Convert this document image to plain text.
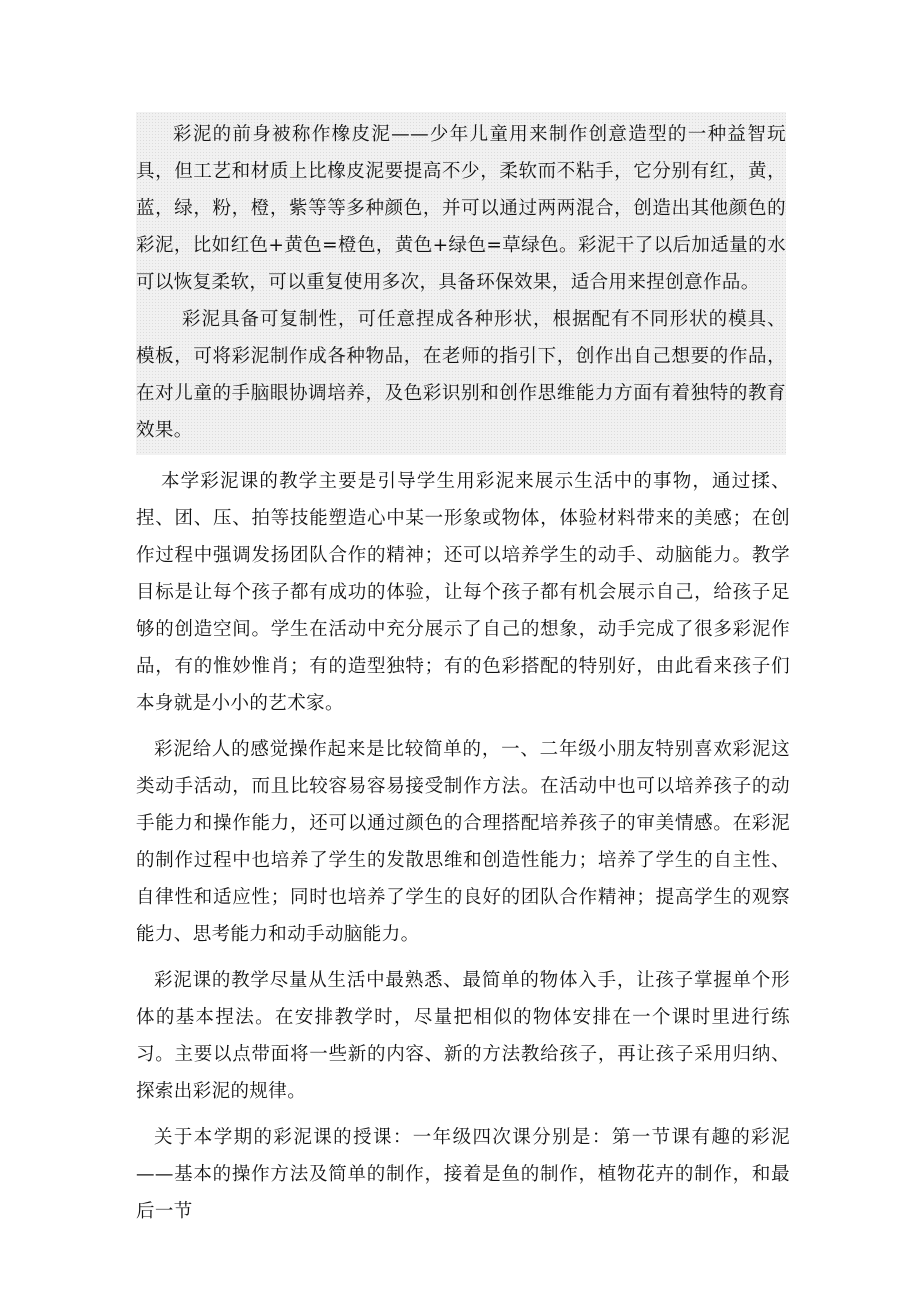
彩泥的前身被称作橡皮泥——少年儿童用来制作创意造型的一种益智玩具，但工艺和材质上比橡皮泥要提高不少，柔软而不粘手，它分别有红，黄，蓝，绿，粉，橙，紫等等多种颜色，并可以通过两两混合，创造出其他颜色的彩泥，比如红色+黄色=橙色，黄色+绿色=草绿色。彩泥干了以后加适量的水可以恢复柔软，可以重复使用多次，具备环保效果，适合用来捏创意作品。

彩泥具备可复制性，可任意捏成各种形状，根据配有不同形状的模具、模板，可将彩泥制作成各种物品，在老师的指引下，创作出自己想要的作品，在对儿童的手脑眼协调培养，及色彩识别和创作思维能力方面有着独特的教育效果。

本学彩泥课的教学主要是引导学生用彩泥来展示生活中的事物，通过揉、捏、团、压、拍等技能塑造心中某一形象或物体，体验材料带来的美感；在创作过程中强调发扬团队合作的精神；还可以培养学生的动手、动脑能力。教学目标是让每个孩子都有成功的体验，让每个孩子都有机会展示自己，给孩子足够的创造空间。学生在活动中充分展示了自己的想象，动手完成了很多彩泥作品，有的惟妙惟肖；有的造型独特；有的色彩搭配的特别好，由此看来孩子们本身就是小小的艺术家。

彩泥给人的感觉操作起来是比较简单的，一、二年级小朋友特别喜欢彩泥这类动手活动，而且比较容易容易接受制作方法。在活动中也可以培养孩子的动手能力和操作能力，还可以通过颜色的合理搭配培养孩子的审美情感。在彩泥的制作过程中也培养了学生的发散思维和创造性能力；培养了学生的自主性、自律性和适应性；同时也培养了学生的良好的团队合作精神；提高学生的观察能力、思考能力和动手动脑能力。

彩泥课的教学尽量从生活中最熟悉、最简单的物体入手，让孩子掌握单个形体的基本捏法。在安排教学时，尽量把相似的物体安排在一个课时里进行练习。主要以点带面将一些新的内容、新的方法教给孩子，再让孩子采用归纳、探索出彩泥的规律。

关于本学期的彩泥课的授课：一年级四次课分别是：第一节课有趣的彩泥——基本的操作方法及简单的制作，接着是鱼的制作，植物花卉的制作，和最后一节
